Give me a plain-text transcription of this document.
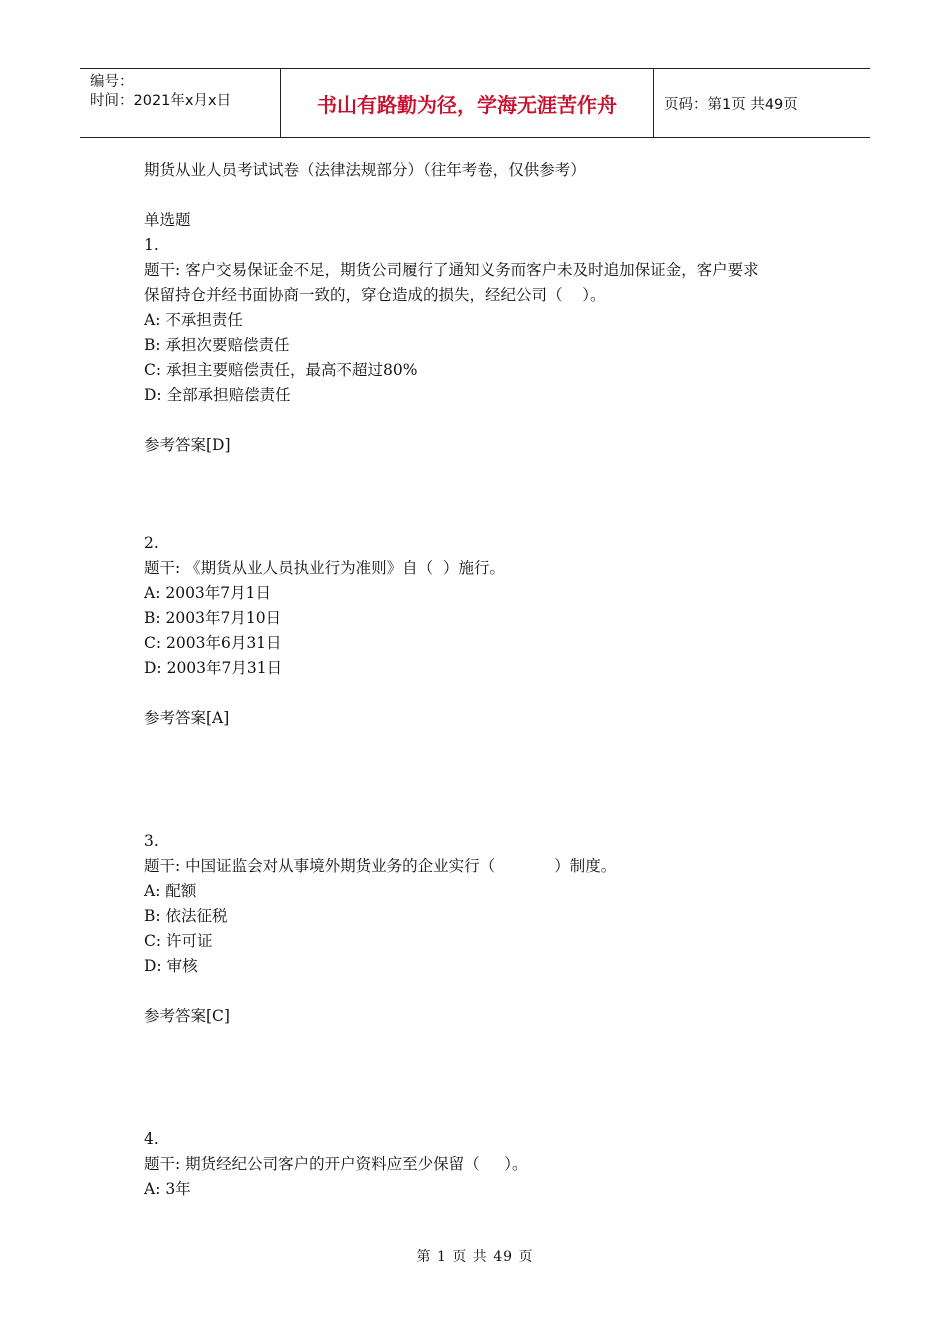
编号：
时间：2021年x月x日	书山有路勤为径，学海无涯苦作舟	页码：第1页 共49页
期货从业人员考试试卷（法律法规部分）（往年考卷，仅供参考）
单选题
1.
题干: 客户交易保证金不足，期货公司履行了通知义务而客户未及时追加保证金，客户要求
保留持仓并经书面协商一致的，穿仓造成的损失，经纪公司（    ）。
A: 不承担责任
B: 承担次要赔偿责任
C: 承担主要赔偿责任，最高不超过80%
D: 全部承担赔偿责任
参考答案[D]
2.
题干: 《期货从业人员执业行为准则》自（  ）施行。
A: 2003年7月1日
B: 2003年7月10日
C: 2003年6月31日
D: 2003年7月31日
参考答案[A]
3.
题干: 中国证监会对从事境外期货业务的企业实行（            ）制度。
A: 配额
B: 依法征税
C: 许可证
D: 审核
参考答案[C]
4.
题干: 期货经纪公司客户的开户资料应至少保留（     ）。
A: 3年
第 1 页 共 49 页
